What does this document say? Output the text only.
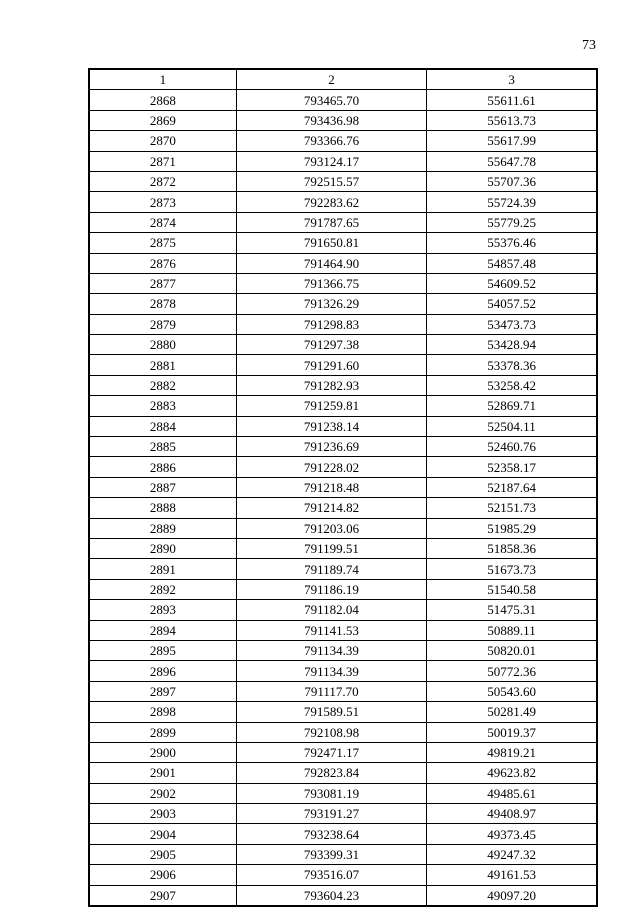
73
1	2	3
2868	793465.70	55611.61
2869	793436.98	55613.73
2870	793366.76	55617.99
2871	793124.17	55647.78
2872	792515.57	55707.36
2873	792283.62	55724.39
2874	791787.65	55779.25
2875	791650.81	55376.46
2876	791464.90	54857.48
2877	791366.75	54609.52
2878	791326.29	54057.52
2879	791298.83	53473.73
2880	791297.38	53428.94
2881	791291.60	53378.36
2882	791282.93	53258.42
2883	791259.81	52869.71
2884	791238.14	52504.11
2885	791236.69	52460.76
2886	791228.02	52358.17
2887	791218.48	52187.64
2888	791214.82	52151.73
2889	791203.06	51985.29
2890	791199.51	51858.36
2891	791189.74	51673.73
2892	791186.19	51540.58
2893	791182.04	51475.31
2894	791141.53	50889.11
2895	791134.39	50820.01
2896	791134.39	50772.36
2897	791117.70	50543.60
2898	791589.51	50281.49
2899	792108.98	50019.37
2900	792471.17	49819.21
2901	792823.84	49623.82
2902	793081.19	49485.61
2903	793191.27	49408.97
2904	793238.64	49373.45
2905	793399.31	49247.32
2906	793516.07	49161.53
2907	793604.23	49097.20
